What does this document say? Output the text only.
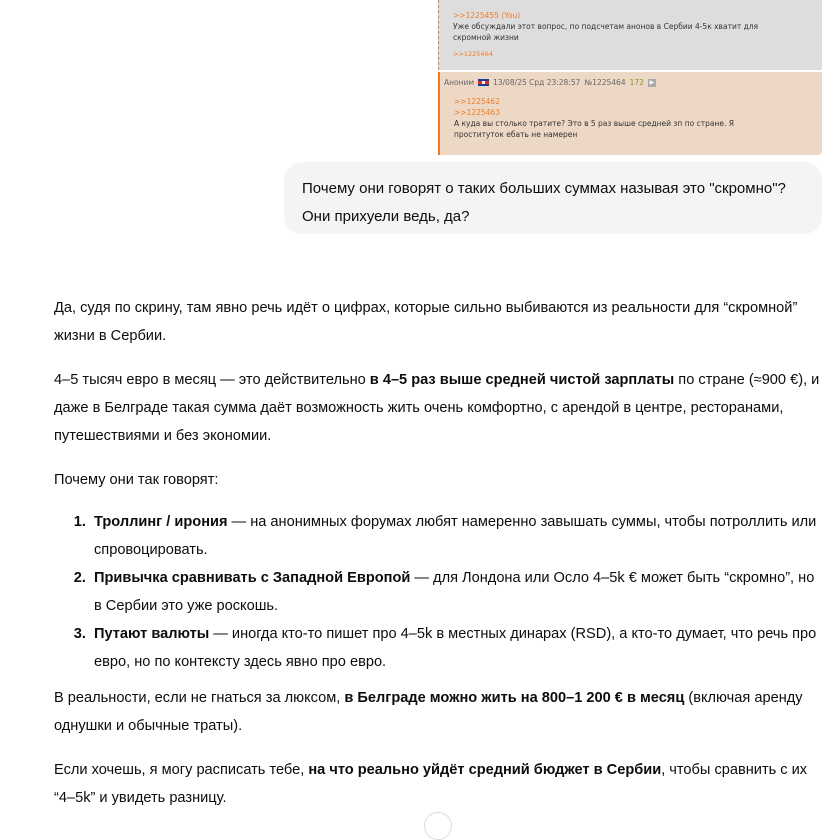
>>1225455 (You)
Уже обсуждали этот вопрос, по подсчетам анонов в Сербии 4-5к хватит для скромной жизни
>>1225464
Аноним	13/08/25 Срд 23:28:57 №1225464 172 ▶
>>1225462
>>1225463
А куда вы столько тратите? Это в 5 раз выше средней зп по стране. Я проституток ебать не намерен
Почему они говорят о таких больших суммах называя это "скромно"? Они прихуели ведь, да?

Да, судя по скрину, там явно речь идёт о цифрах, которые сильно выбиваются из реальности для “скромной” жизни в Сербии.

4–5 тысяч евро в месяц — это действительно в 4–5 раз выше средней чистой зарплаты по стране (≈900 €), и даже в Белграде такая сумма даёт возможность жить очень комфортно, с арендой в центре, ресторанами, путешествиями и без экономии.

Почему они так говорят:

1. Троллинг / ирония — на анонимных форумах любят намеренно завышать суммы, чтобы потроллить или спровоцировать.
2. Привычка сравнивать с Западной Европой — для Лондона или Осло 4–5k € может быть “скромно”, но в Сербии это уже роскошь.
3. Путают валюты — иногда кто-то пишет про 4–5k в местных динарах (RSD), а кто-то думает, что речь про евро, но по контексту здесь явно про евро.

В реальности, если не гнаться за люксом, в Белграде можно жить на 800–1 200 € в месяц (включая аренду однушки и обычные траты).

Если хочешь, я могу расписать тебе, на что реально уйдёт средний бюджет в Сербии, чтобы сравнить с их “4–5k” и увидеть разницу.
